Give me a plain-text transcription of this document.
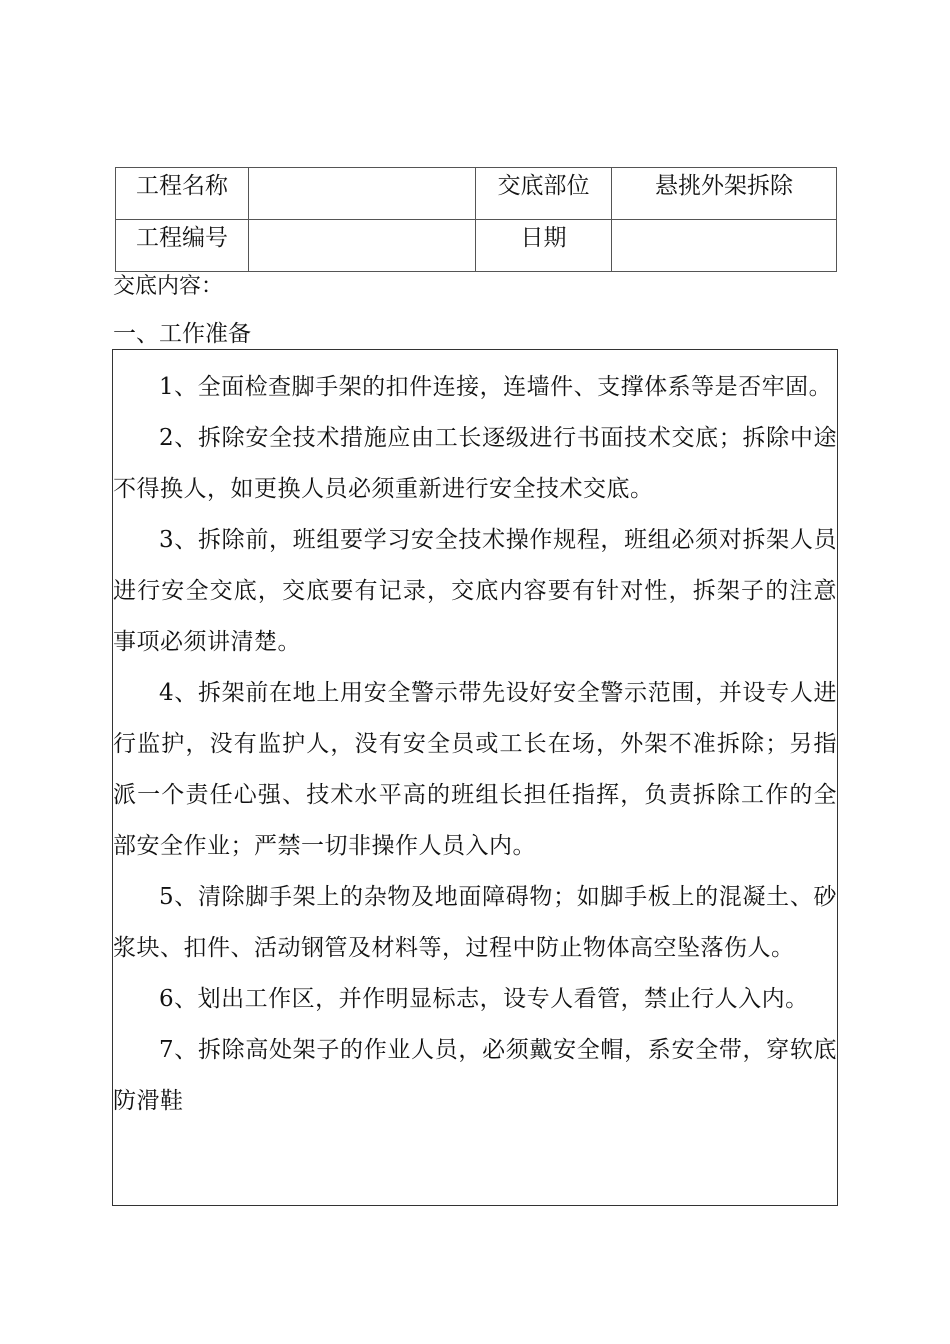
工程名称		交底部位	悬挑外架拆除
工程编号		日期	
交底内容：
一、工作准备

1、全面检查脚手架的扣件连接，连墙件、支撑体系等是否牢固。

2、拆除安全技术措施应由工长逐级进行书面技术交底；拆除中途不得换人，如更换人员必须重新进行安全技术交底。

3、拆除前，班组要学习安全技术操作规程，班组必须对拆架人员进行安全交底，交底要有记录，交底内容要有针对性，拆架子的注意事项必须讲清楚。

4、拆架前在地上用安全警示带先设好安全警示范围，并设专人进行监护，没有监护人，没有安全员或工长在场，外架不准拆除；另指派一个责任心强、技术水平高的班组长担任指挥，负责拆除工作的全部安全作业；严禁一切非操作人员入内。

5、清除脚手架上的杂物及地面障碍物；如脚手板上的混凝土、砂浆块、扣件、活动钢管及材料等，过程中防止物体高空坠落伤人。

6、划出工作区，并作明显标志，设专人看管，禁止行人入内。

7、拆除高处架子的作业人员，必须戴安全帽，系安全带，穿软底防滑鞋
